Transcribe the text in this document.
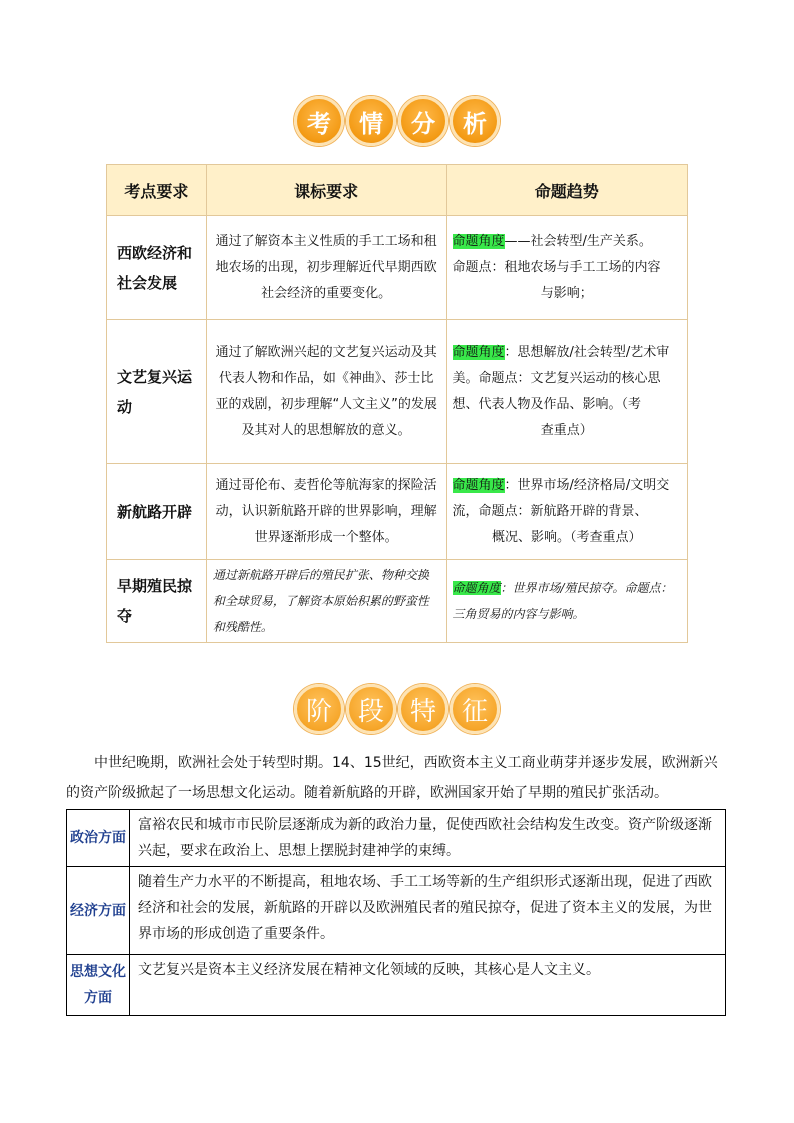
考	情	分	析
考点要求	课标要求	命题趋势
西欧经济和社会发展	通过了解资本主义性质的手工工场和租地农场的出现，初步理解近代早期西欧社会经济的重要变化。	命题角度——社会转型/生产关系。
命题点：租地农场与手工工场的内容
与影响；

文艺复兴运动	通过了解欧洲兴起的文艺复兴运动及其代表人物和作品，如《神曲》、莎士比亚的戏剧，初步理解“人文主义”的发展及其对人的思想解放的意义。	命题角度：思想解放/社会转型/艺术审美。命题点：文艺复兴运动的核心思想、代表人物及作品、影响。（考
查重点）

新航路开辟	通过哥伦布、麦哲伦等航海家的探险活动，认识新航路开辟的世界影响，理解世界逐渐形成一个整体。	命题角度：世界市场/经济格局/文明交流，命题点：新航路开辟的背景、
概况、影响。（考查重点）

早期殖民掠夺	通过新航路开辟后的殖民扩张、物种交换和全球贸易，了解资本原始积累的野蛮性和残酷性。	命题角度：世界市场/殖民掠夺。命题点：三角贸易的内容与影响。
阶 段 特 征

中世纪晚期，欧洲社会处于转型时期。14、15世纪，西欧资本主义工商业萌芽并逐步发展，欧洲新兴的资产阶级掀起了一场思想文化运动。随着新航路的开辟，欧洲国家开始了早期的殖民扩张活动。

政治方面	富裕农民和城市市民阶层逐渐成为新的政治力量，促使西欧社会结构发生改变。资产阶级逐渐兴起，要求在政治上、思想上摆脱封建神学的束缚。
经济方面	随着生产力水平的不断提高，租地农场、手工工场等新的生产组织形式逐渐出现，促进了西欧经济和社会的发展，新航路的开辟以及欧洲殖民者的殖民掠夺，促进了资本主义的发展，为世界市场的形成创造了重要条件。
思想文化方面	文艺复兴是资本主义经济发展在精神文化领域的反映，其核心是人文主义。
